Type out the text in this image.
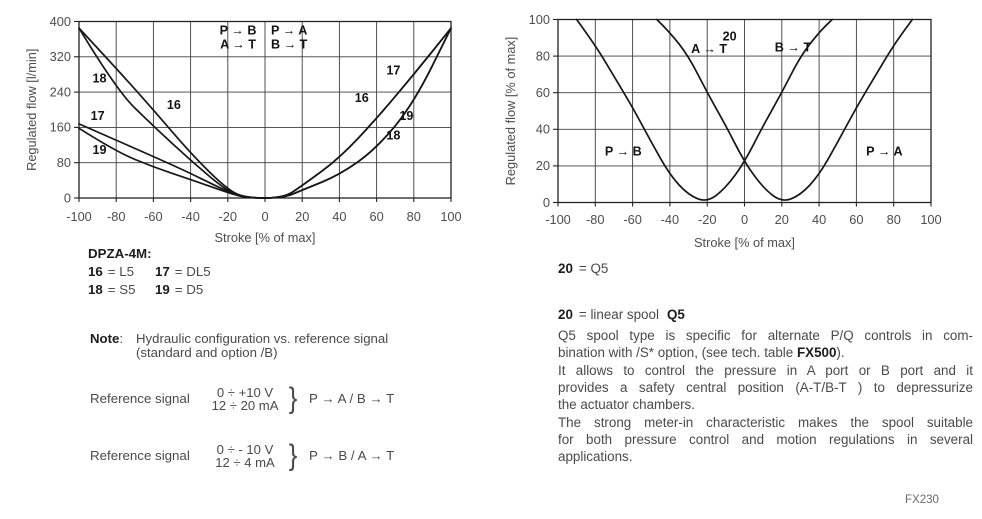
0
80
160
240
320
400
-100 -80 -60 -40 -20 0 20 40 60 80 100
Stroke [% of max]
Regulated flow [l/min]
P → B
A → T
P → A
B → T
18
17
19
16	16
17
19
18
0
20
40
60
80
100
-100 -80 -60 -40 -20 0 20 40 60 80 100
Stroke [% of max]
Regulated flow [% of max]
20
A → T	B → T
P → B	P → A
DPZA-4M:
16 = L5	17 = DL5
18 = S5	19 = D5
Note: Hydraulic configuration vs. reference signal
(standard and option /B)
Reference signal	0 ÷ +10 V
12 ÷ 20 mA } P → A / B → T
Reference signal	0 ÷ - 10 V
12 ÷ 4 mA } P → B / A → T
20 = Q5
20 = linear spool Q5
Q5 spool type is specific for alternate P/Q controls in com-
bination with /S* option, (see tech. table FX500).
It allows to control the pressure in A port or B port and it
provides a safety central position (A-T/B-T ) to depressurize
the actuator chambers.
The strong meter-in characteristic makes the spool suitable
for both pressure control and motion regulations in several
applications.
FX230
